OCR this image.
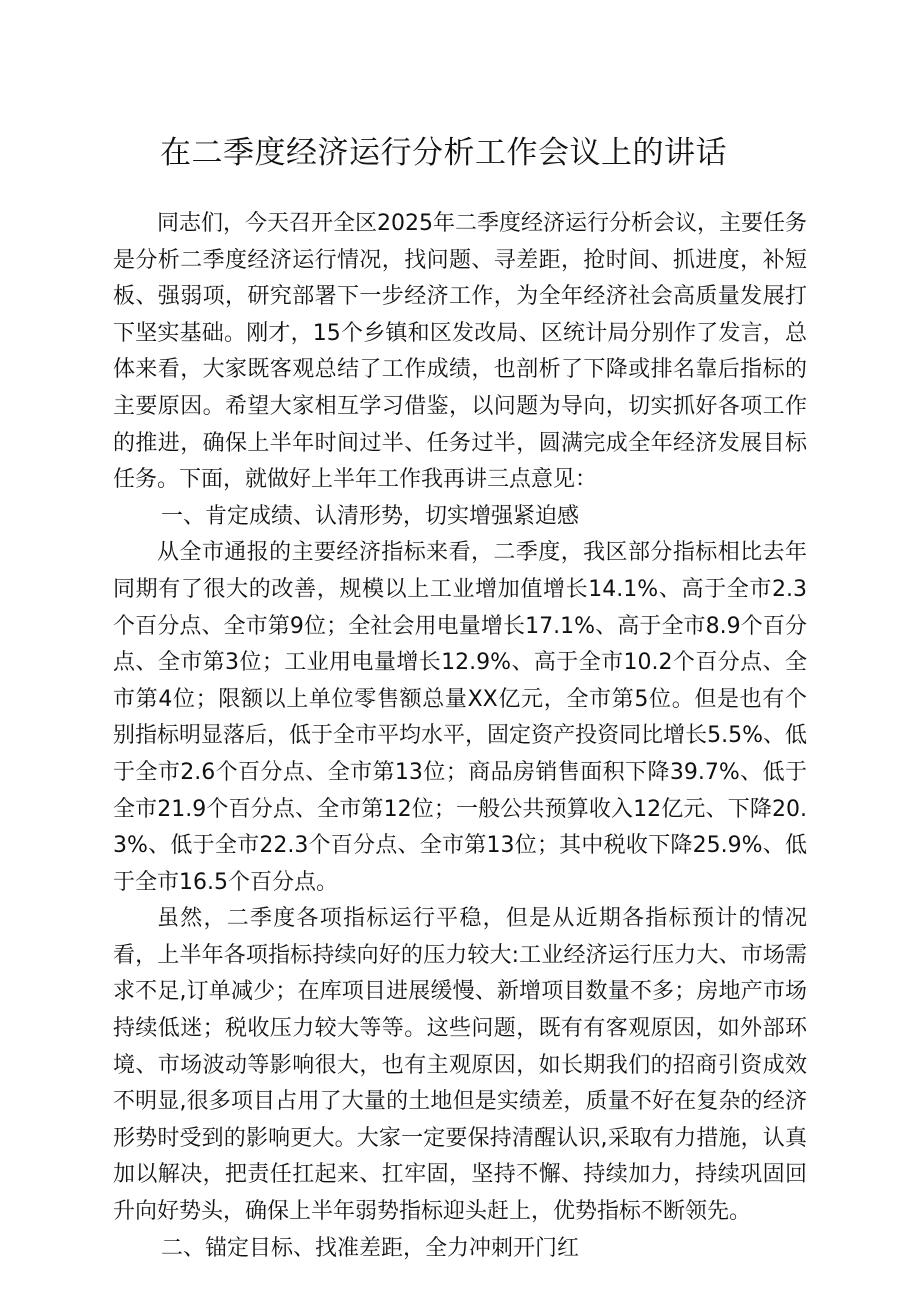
在二季度经济运行分析工作会议上的讲话

同志们，今天召开全区2025年二季度经济运行分析会议，主要任务是分析二季度经济运行情况，找问题、寻差距，抢时间、抓进度，补短板、强弱项，研究部署下一步经济工作，为全年经济社会高质量发展打下坚实基础。刚才，15个乡镇和区发改局、区统计局分别作了发言，总体来看，大家既客观总结了工作成绩，也剖析了下降或排名靠后指标的主要原因。希望大家相互学习借鉴，以问题为导向，切实抓好各项工作的推进，确保上半年时间过半、任务过半，圆满完成全年经济发展目标任务。下面，就做好上半年工作我再讲三点意见：

一、肯定成绩、认清形势，切实增强紧迫感

从全市通报的主要经济指标来看，二季度，我区部分指标相比去年同期有了很大的改善，规模以上工业增加值增长14.1%、高于全市2.3个百分点、全市第9位；全社会用电量增长17.1%、高于全市8.9个百分点、全市第3位；工业用电量增长12.9%、高于全市10.2个百分点、全市第4位；限额以上单位零售额总量XX亿元，全市第5位。但是也有个别指标明显落后，低于全市平均水平，固定资产投资同比增长5.5%、低于全市2.6个百分点、全市第13位；商品房销售面积下降39.7%、低于全市21.9个百分点、全市第12位；一般公共预算收入12亿元、下降20.3%、低于全市22.3个百分点、全市第13位；其中税收下降25.9%、低于全市16.5个百分点。

虽然，二季度各项指标运行平稳，但是从近期各指标预计的情况看，上半年各项指标持续向好的压力较大:工业经济运行压力大、市场需求不足,订单减少；在库项目进展缓慢、新增项目数量不多；房地产市场持续低迷；税收压力较大等等。这些问题，既有有客观原因，如外部环境、市场波动等影响很大，也有主观原因，如长期我们的招商引资成效不明显,很多项目占用了大量的土地但是实绩差，质量不好在复杂的经济形势时受到的影响更大。大家一定要保持清醒认识,采取有力措施，认真加以解决，把责任扛起来、扛牢固，坚持不懈、持续加力，持续巩固回升向好势头，确保上半年弱势指标迎头赶上，优势指标不断领先。

二、锚定目标、找准差距，全力冲刺开门红
